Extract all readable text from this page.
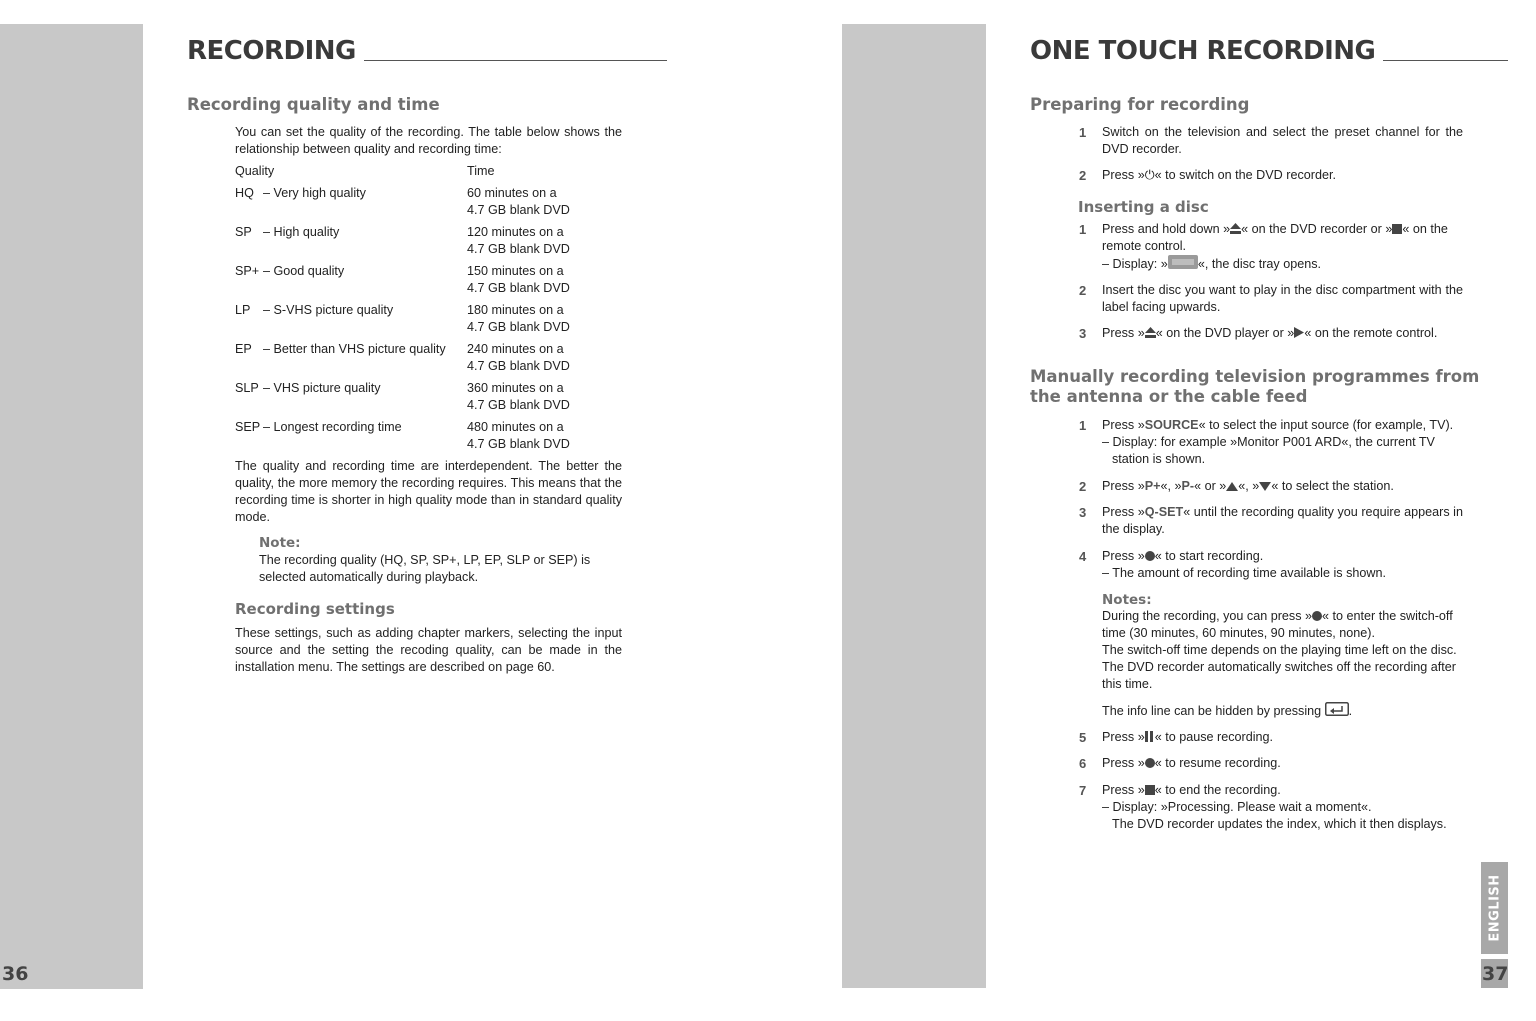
RECORDING
Recording quality and time
You can set the quality of the recording. The table below shows the relationship between quality and recording time:
Quality	Time
HQ – Very high quality	60 minutes on a
4.7 GB blank DVD
SP – High quality	120 minutes on a
4.7 GB blank DVD
SP+ – Good quality	150 minutes on a
4.7 GB blank DVD
LP – S-VHS picture quality	180 minutes on a
4.7 GB blank DVD
EP – Better than VHS picture quality 240 minutes on a
4.7 GB blank DVD
SLP – VHS picture quality	360 minutes on a
4.7 GB blank DVD
SEP – Longest recording time	480 minutes on a
4.7 GB blank DVD
The quality and recording time are interdependent. The better the quality, the more memory the recording requires. This means that the recording time is shorter in high quality mode than in standard quality mode.
Note:
The recording quality (HQ, SP, SP+, LP, EP, SLP or SEP) is selected automatically during playback.
Recording settings
These settings, such as adding chapter markers, selecting the input source and the setting the recoding quality, can be made in the installation menu. The settings are described on page 60.
36
ONE TOUCH RECORDING
Preparing for recording
1 Switch on the television and select the preset channel for the DVD recorder.
2 Press »⏻« to switch on the DVD recorder.
Inserting a disc
1 Press and hold down » « on the DVD recorder or » « on the remote control.
– Display: » «, the disc tray opens.
2 Insert the disc you want to play in the disc compartment with the label facing upwards.
3 Press » « on the DVD player or » « on the remote control.
Manually recording television programmes from
the antenna or the cable feed
1 Press »SOURCE« to select the input source (for example, TV).
– Display: for example »Monitor P001 ARD«, the current TV
station is shown.
2 Press »P+«, »P-« or » «, » « to select the station.
3 Press »Q-SET« until the recording quality you require appears in the display.
4 Press » « to start recording.
– The amount of recording time available is shown.
Notes:
During the recording, you can press » « to enter the switch-off time (30 minutes, 60 minutes, 90 minutes, none).
The switch-off time depends on the playing time left on the disc. The DVD recorder automatically switches off the recording after this time.
The info line can be hidden by pressing .
5 Press » « to pause recording.
6 Press » « to resume recording.
7 Press » « to end the recording.
– Display: »Processing. Please wait a moment«.
The DVD recorder updates the index, which it then displays.
ENGLISH
37
